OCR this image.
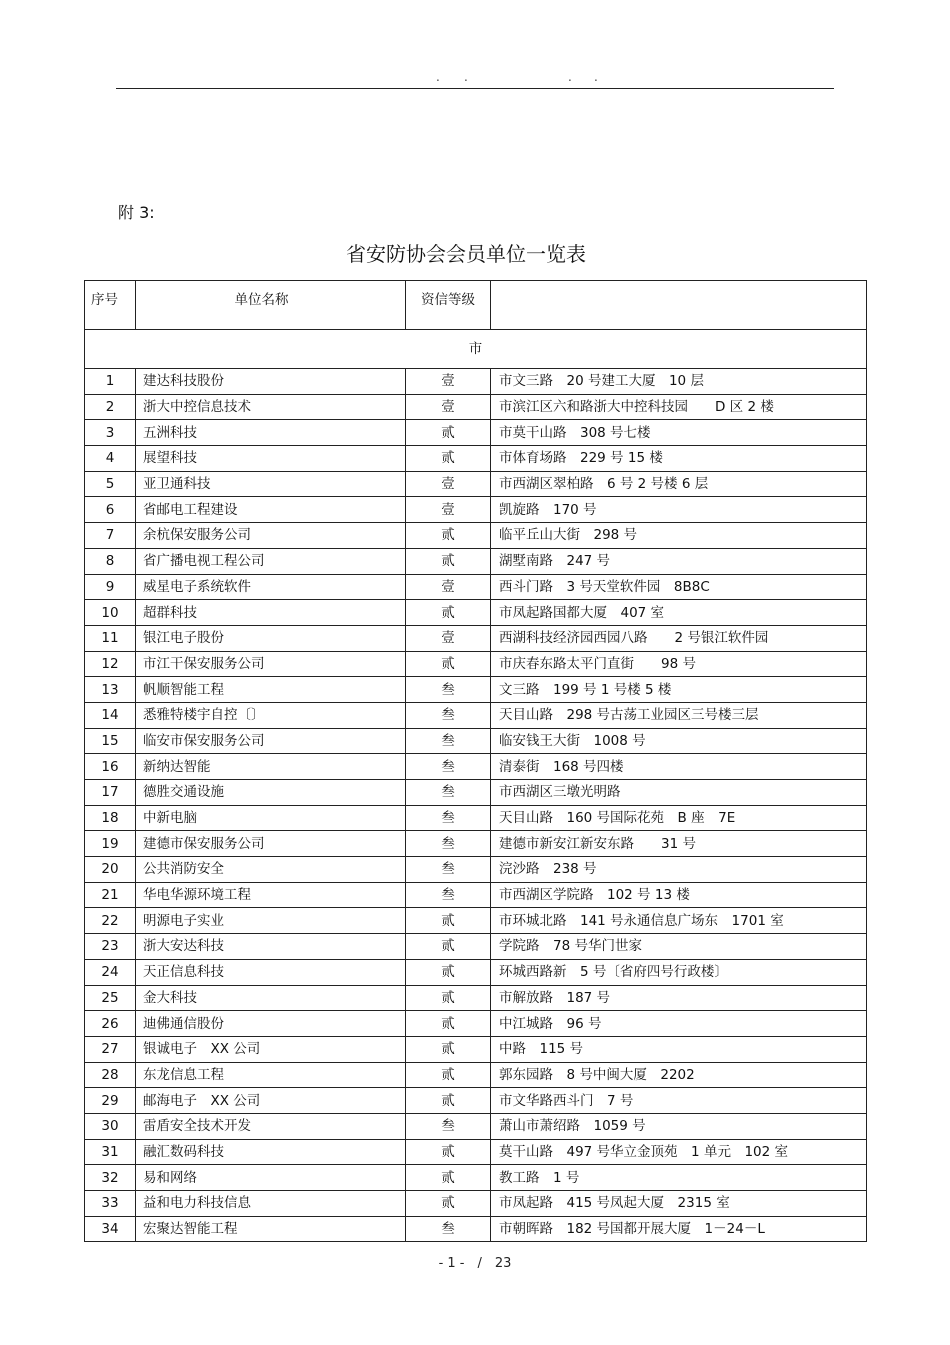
. .	. .
附 3:
省安防协会会员单位一览表
序号	单位名称	资信等级	
市			
1	建达科技股份	壹	市文三路　20 号建工大厦　10 层
2	浙大中控信息技术	壹	市滨江区六和路浙大中控科技园　　D 区 2 楼
3	五洲科技	贰	市莫干山路　308 号七楼
4	展望科技	贰	市体育场路　229 号 15 楼
5	亚卫通科技	壹	市西湖区翠柏路　6 号 2 号楼 6 层
6	省邮电工程建设	壹	凯旋路　170 号
7	余杭保安服务公司	贰	临平丘山大街　298 号
8	省广播电视工程公司	贰	湖墅南路　247 号
9	威星电子系统软件	壹	西斗门路　3 号天堂软件园　8B8C
10	超群科技	贰	市凤起路国都大厦　407 室
11	银江电子股份	壹	西湖科技经济园西园八路　　2 号银江软件园
12	市江干保安服务公司	贰	市庆春东路太平门直街　　98 号
13	帆顺智能工程	叁	文三路　199 号 1 号楼 5 楼
14	悉雅特楼宇自控〔〕	叁	天目山路　298 号古荡工业园区三号楼三层
15	临安市保安服务公司	叁	临安钱王大街　1008 号
16	新纳达智能	叁	清泰街　168 号四楼
17	德胜交通设施	叁	市西湖区三墩光明路
18	中新电脑	叁	天目山路　160 号国际花苑　B 座　7E
19	建德市保安服务公司	叁	建德市新安江新安东路　　31 号
20	公共消防安全	叁	浣沙路　238 号
21	华电华源环境工程	叁	市西湖区学院路　102 号 13 楼
22	明源电子实业	贰	市环城北路　141 号永通信息广场东　1701 室
23	浙大安达科技	贰	学院路　78 号华门世家
24	天正信息科技	贰	环城西路新　5 号〔省府四号行政楼〕
25	金大科技	贰	市解放路　187 号
26	迪佛通信股份	贰	中江城路　96 号
27	银诚电子　XX 公司	贰	中路　115 号
28	东龙信息工程	贰	郭东园路　8 号中闽大厦　2202
29	邮海电子　XX 公司	贰	市文华路西斗门　7 号
30	雷盾安全技术开发	叁	萧山市萧绍路　1059 号
31	融汇数码科技	贰	莫干山路　497 号华立金顶苑　1 单元　102 室
32	易和网络	贰	教工路　1 号
33	益和电力科技信息	贰	市凤起路　415 号凤起大厦　2315 室
34	宏聚达智能工程	叁	市朝晖路　182 号国都开展大厦　1－24－L
- 1 -　/　23
